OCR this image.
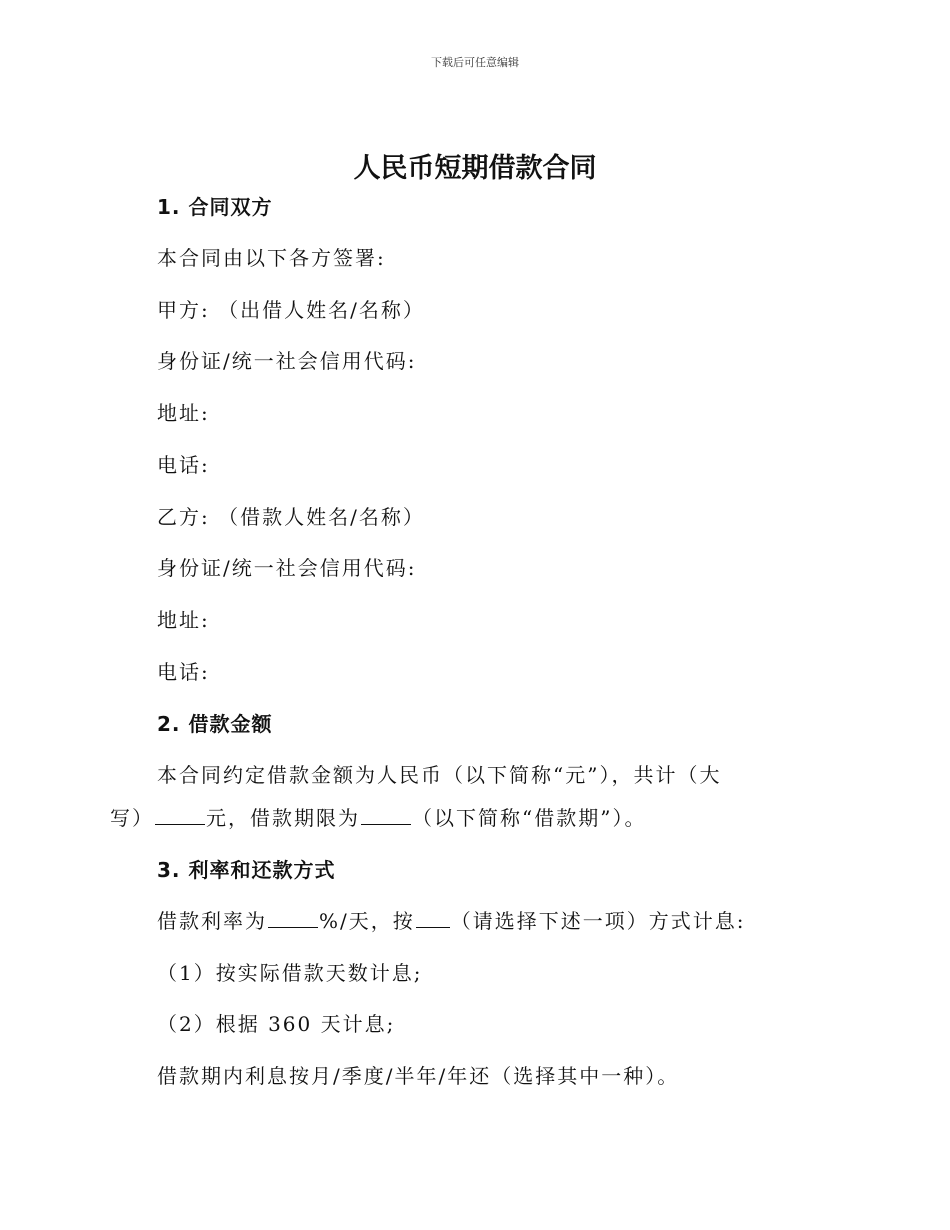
下载后可任意编辑
人民币短期借款合同
1. 合同双方
本合同由以下各方签署:
甲方: （出借人姓名/名称）
身份证/统一社会信用代码:
地址:
电话:
乙方: （借款人姓名/名称）
身份证/统一社会信用代码:
地址:
电话:
2. 借款金额
本合同约定借款金额为人民币（以下简称“元”），共计（大
写）	元，借款期限为	（以下简称“借款期”）。
3. 利率和还款方式
借款利率为	%/天，按 （请选择下述一项）方式计息:
（1）按实际借款天数计息;
（2）根据 360 天计息;
借款期内利息按月/季度/半年/年还（选择其中一种）。
